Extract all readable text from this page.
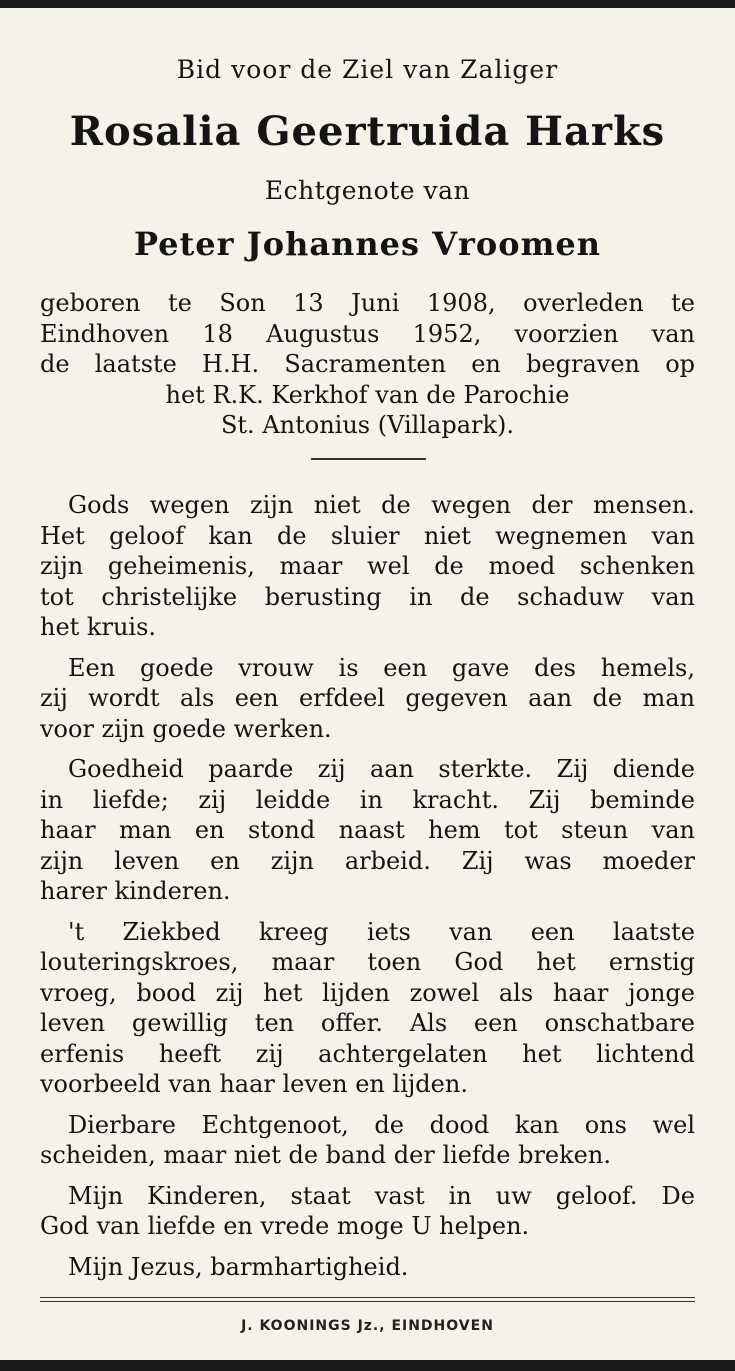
Bid voor de Ziel van Zaliger
Rosalia Geertruida Harks
Echtgenote van
Peter Johannes Vroomen
geboren te Son 13 Juni 1908, overleden te
Eindhoven 18 Augustus 1952, voorzien van
de laatste H.H. Sacramenten en begraven op
het R.K. Kerkhof van de Parochie
St. Antonius (Villapark).
Gods wegen zijn niet de wegen der mensen.
Het geloof kan de sluier niet wegnemen van
zijn geheimenis, maar wel de moed schenken
tot christelijke berusting in de schaduw van
het kruis.
Een goede vrouw is een gave des hemels,
zij wordt als een erfdeel gegeven aan de man
voor zijn goede werken.
Goedheid paarde zij aan sterkte. Zij diende
in liefde; zij leidde in kracht. Zij beminde
haar man en stond naast hem tot steun van
zijn leven en zijn arbeid. Zij was moeder
harer kinderen.
't Ziekbed kreeg iets van een laatste
louteringskroes, maar toen God het ernstig
vroeg, bood zij het lijden zowel als haar jonge
leven gewillig ten offer. Als een onschatbare
erfenis heeft zij achtergelaten het lichtend
voorbeeld van haar leven en lijden.
Dierbare Echtgenoot, de dood kan ons wel
scheiden, maar niet de band der liefde breken.
Mijn Kinderen, staat vast in uw geloof. De
God van liefde en vrede moge U helpen.
Mijn Jezus, barmhartigheid.
J. KOONINGS Jz., EINDHOVEN
